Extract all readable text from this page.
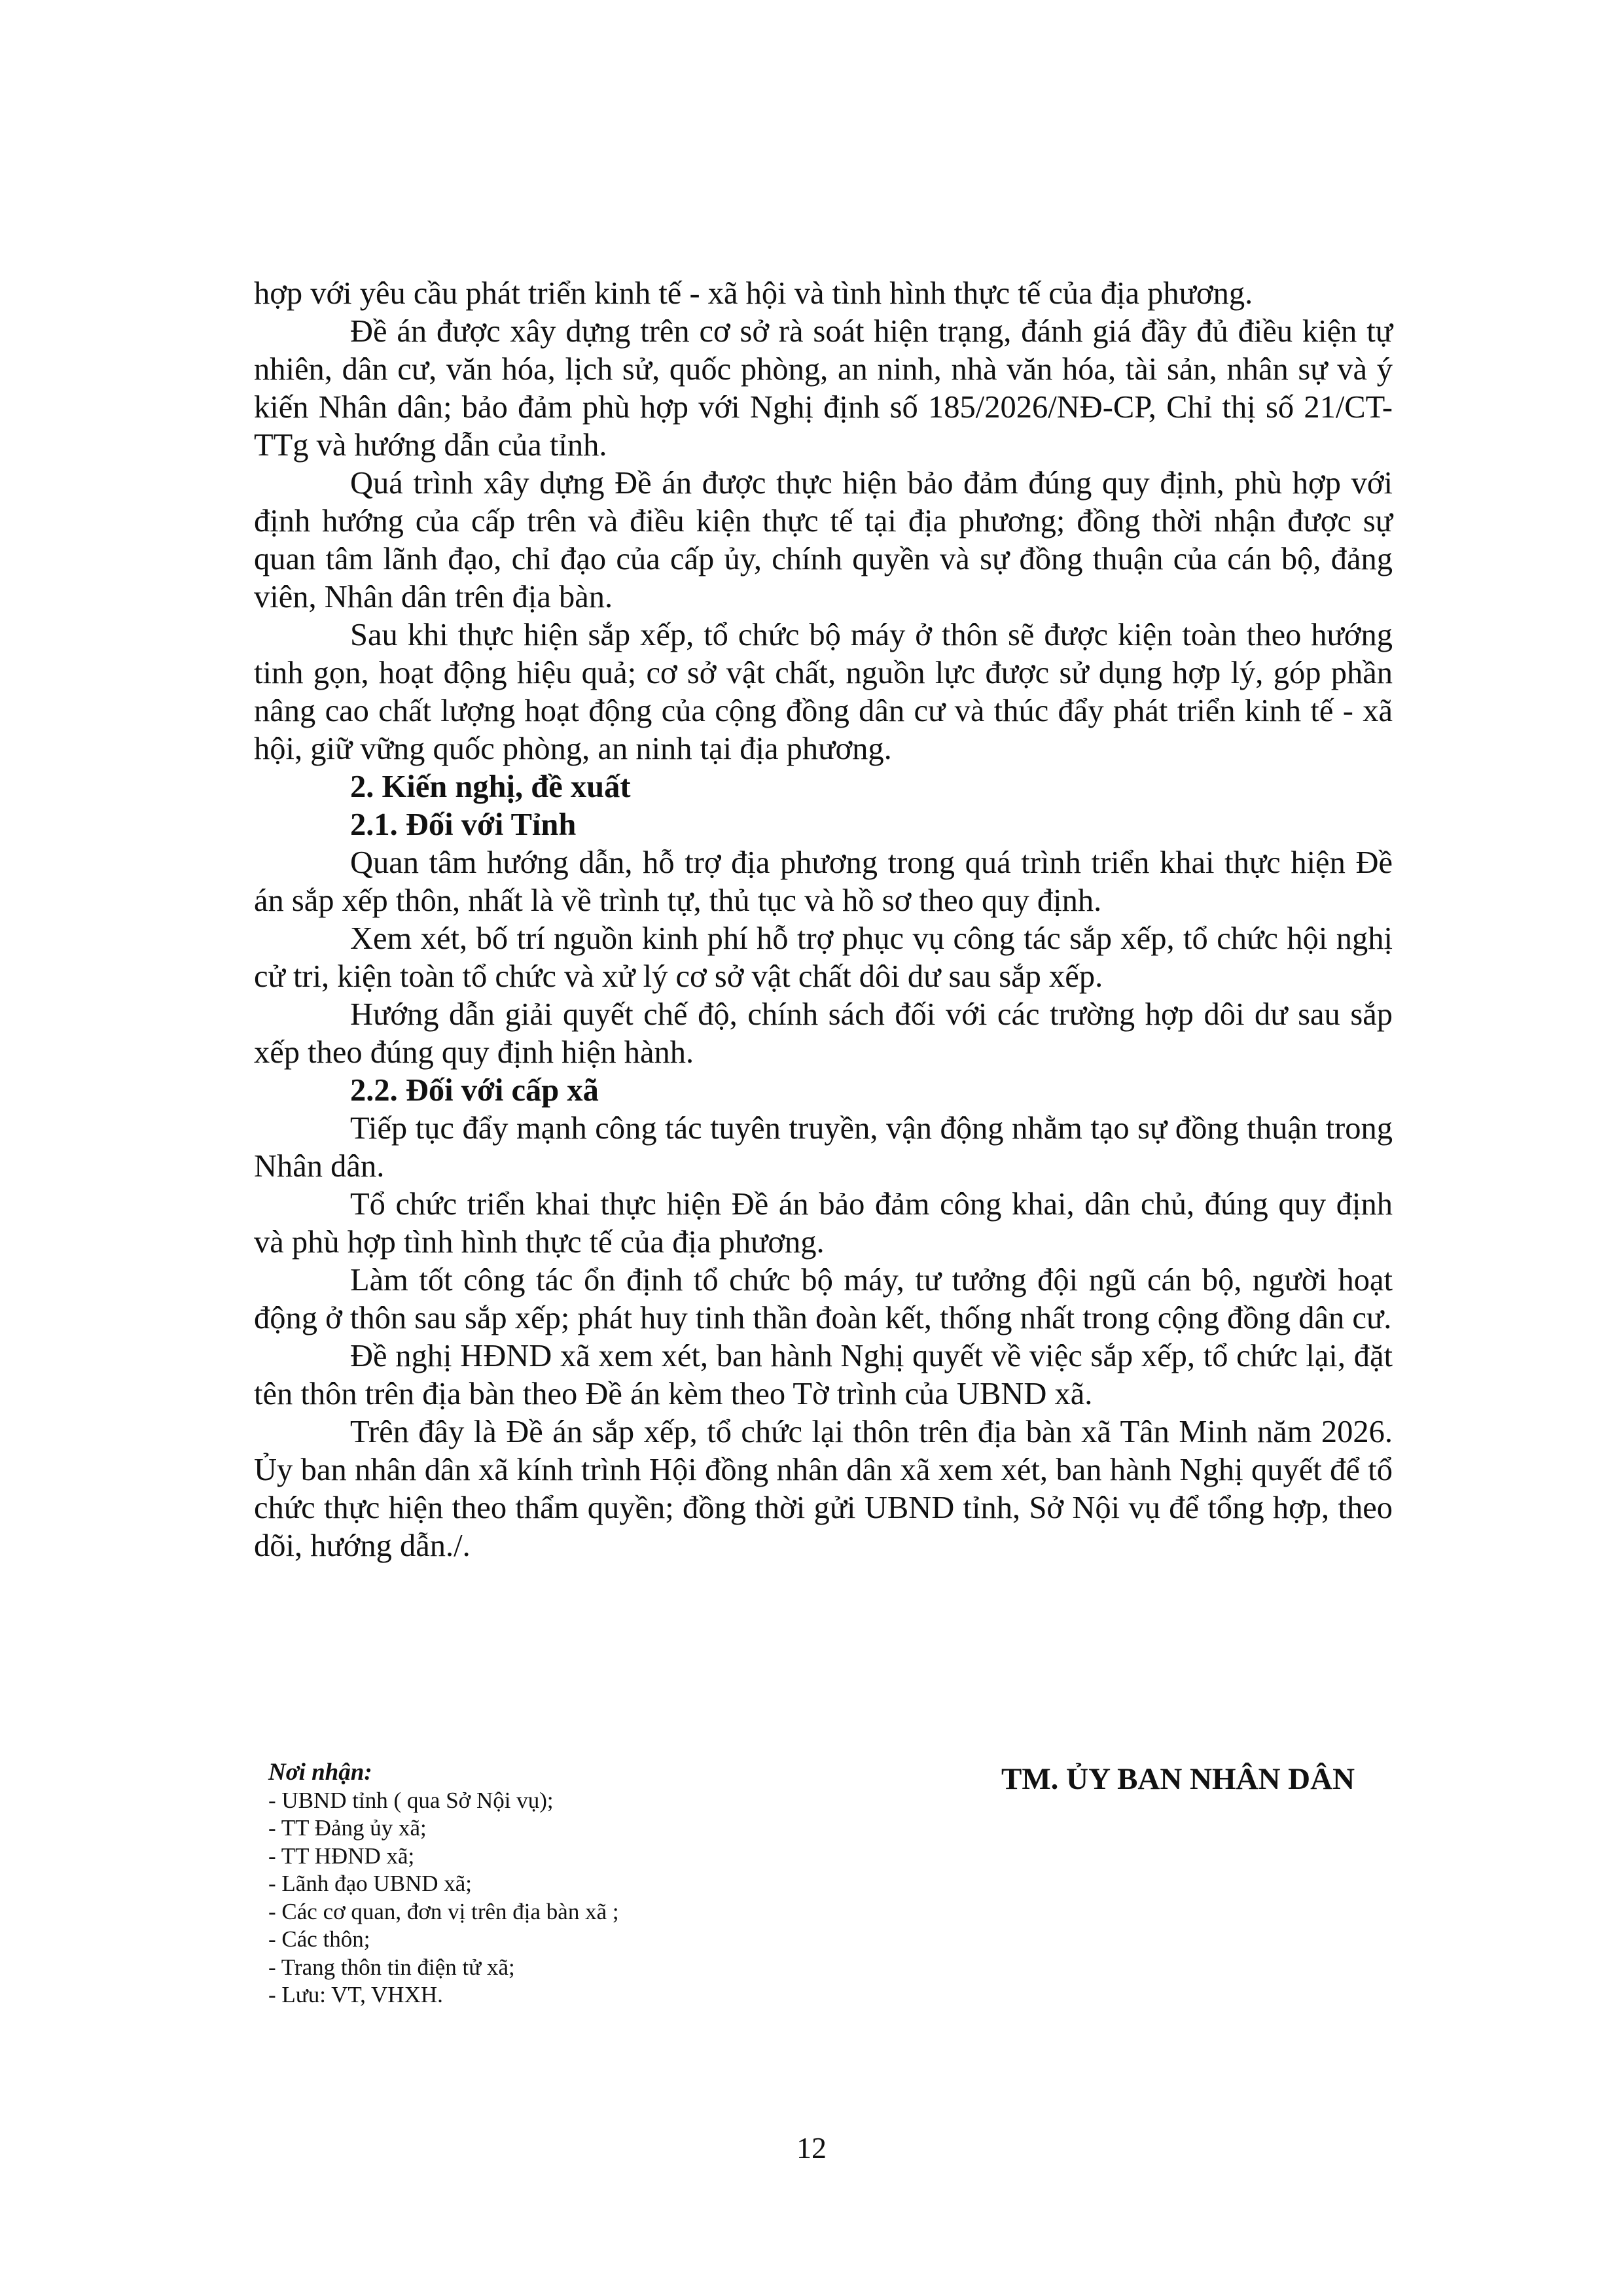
hợp với yêu cầu phát triển kinh tế - xã hội và tình hình thực tế của địa phương.

Đề án được xây dựng trên cơ sở rà soát hiện trạng, đánh giá đầy đủ điều kiện tự nhiên, dân cư, văn hóa, lịch sử, quốc phòng, an ninh, nhà văn hóa, tài sản, nhân sự và ý kiến Nhân dân; bảo đảm phù hợp với Nghị định số 185/2026/NĐ-CP, Chỉ thị số 21/CT-TTg và hướng dẫn của tỉnh.

Quá trình xây dựng Đề án được thực hiện bảo đảm đúng quy định, phù hợp với định hướng của cấp trên và điều kiện thực tế tại địa phương; đồng thời nhận được sự quan tâm lãnh đạo, chỉ đạo của cấp ủy, chính quyền và sự đồng thuận của cán bộ, đảng viên, Nhân dân trên địa bàn.

Sau khi thực hiện sắp xếp, tổ chức bộ máy ở thôn sẽ được kiện toàn theo hướng tinh gọn, hoạt động hiệu quả; cơ sở vật chất, nguồn lực được sử dụng hợp lý, góp phần nâng cao chất lượng hoạt động của cộng đồng dân cư và thúc đẩy phát triển kinh tế - xã hội, giữ vững quốc phòng, an ninh tại địa phương.

2. Kiến nghị, đề xuất
2.1. Đối với Tỉnh

Quan tâm hướng dẫn, hỗ trợ địa phương trong quá trình triển khai thực hiện Đề án sắp xếp thôn, nhất là về trình tự, thủ tục và hồ sơ theo quy định.

Xem xét, bố trí nguồn kinh phí hỗ trợ phục vụ công tác sắp xếp, tổ chức hội nghị cử tri, kiện toàn tổ chức và xử lý cơ sở vật chất dôi dư sau sắp xếp.

Hướng dẫn giải quyết chế độ, chính sách đối với các trường hợp dôi dư sau sắp xếp theo đúng quy định hiện hành.

2.2. Đối với cấp xã

Tiếp tục đẩy mạnh công tác tuyên truyền, vận động nhằm tạo sự đồng thuận trong Nhân dân.

Tổ chức triển khai thực hiện Đề án bảo đảm công khai, dân chủ, đúng quy định và phù hợp tình hình thực tế của địa phương.

Làm tốt công tác ổn định tổ chức bộ máy, tư tưởng đội ngũ cán bộ, người hoạt động ở thôn sau sắp xếp; phát huy tinh thần đoàn kết, thống nhất trong cộng đồng dân cư.

Đề nghị HĐND xã xem xét, ban hành Nghị quyết về việc sắp xếp, tổ chức lại, đặt tên thôn trên địa bàn theo Đề án kèm theo Tờ trình của UBND xã.

Trên đây là Đề án sắp xếp, tổ chức lại thôn trên địa bàn xã Tân Minh năm 2026. Ủy ban nhân dân xã kính trình Hội đồng nhân dân xã xem xét, ban hành Nghị quyết để tổ chức thực hiện theo thẩm quyền; đồng thời gửi UBND tỉnh, Sở Nội vụ để tổng hợp, theo dõi, hướng dẫn./.

Nơi nhận:

- UBND tỉnh ( qua Sở Nội vụ);
- TT Đảng ủy xã;
- TT HĐND xã;
- Lãnh đạo UBND xã;
- Các cơ quan, đơn vị trên địa bàn xã ;
- Các thôn;
- Trang thôn tin điện tử xã;
- Lưu: VT, VHXH.
TM. ỦY BAN NHÂN DÂN
12
